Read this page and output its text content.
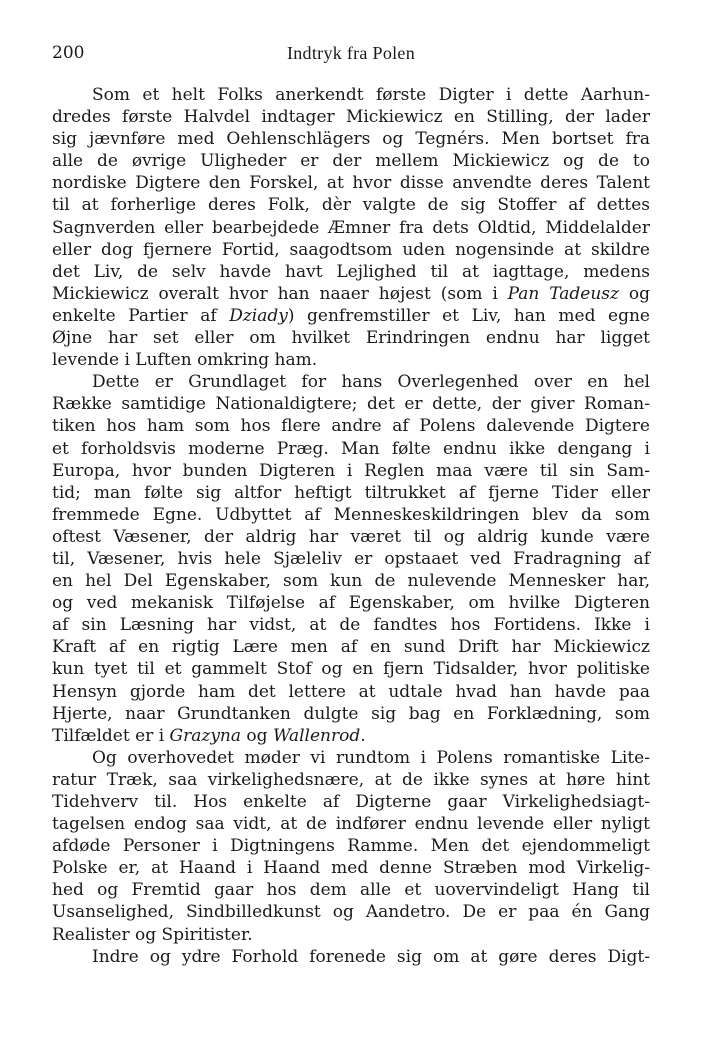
200	Indtryk fra Polen
Som et helt Folks anerkendt første Digter i dette Aarhun-
dredes første Halvdel indtager Mickiewicz en Stilling, der lader
sig jævnføre med Oehlenschlägers og Tegnérs. Men bortset fra
alle de øvrige Uligheder er der mellem Mickiewicz og de to
nordiske Digtere den Forskel, at hvor disse anvendte deres Talent
til at forherlige deres Folk, dèr valgte de sig Stoffer af dettes
Sagnverden eller bearbejdede Æmner fra dets Oldtid, Middelalder
eller dog fjernere Fortid, saagodtsom uden nogensinde at skildre
det Liv, de selv havde havt Lejlighed til at iagttage, medens
Mickiewicz overalt hvor han naaer højest (som i Pan Tadeusz og
enkelte Partier af Dziady) genfremstiller et Liv, han med egne
Øjne har set eller om hvilket Erindringen endnu har ligget
levende i Luften omkring ham.
Dette er Grundlaget for hans Overlegenhed over en hel
Række samtidige Nationaldigtere; det er dette, der giver Roman-
tiken hos ham som hos flere andre af Polens dalevende Digtere
et forholdsvis moderne Præg. Man følte endnu ikke dengang i
Europa, hvor bunden Digteren i Reglen maa være til sin Sam-
tid; man følte sig altfor heftigt tiltrukket af fjerne Tider eller
fremmede Egne. Udbyttet af Menneskeskildringen blev da som
oftest Væsener, der aldrig har været til og aldrig kunde være
til, Væsener, hvis hele Sjæleliv er opstaaet ved Fradragning af
en hel Del Egenskaber, som kun de nulevende Mennesker har,
og ved mekanisk Tilføjelse af Egenskaber, om hvilke Digteren
af sin Læsning har vidst, at de fandtes hos Fortidens. Ikke i
Kraft af en rigtig Lære men af en sund Drift har Mickiewicz
kun tyet til et gammelt Stof og en fjern Tidsalder, hvor politiske
Hensyn gjorde ham det lettere at udtale hvad han havde paa
Hjerte, naar Grundtanken dulgte sig bag en Forklædning, som
Tilfældet er i Grazyna og Wallenrod.
Og overhovedet møder vi rundtom i Polens romantiske Lite-
ratur Træk, saa virkelighedsnære, at de ikke synes at høre hint
Tidehverv til. Hos enkelte af Digterne gaar Virkelighedsiagt-
tagelsen endog saa vidt, at de indfører endnu levende eller nyligt
afdøde Personer i Digtningens Ramme. Men det ejendommeligt
Polske er, at Haand i Haand med denne Stræben mod Virkelig-
hed og Fremtid gaar hos dem alle et uovervindeligt Hang til
Usanselighed, Sindbilledkunst og Aandetro. De er paa én Gang
Realister og Spiritister.
Indre og ydre Forhold forenede sig om at gøre deres Digt-
